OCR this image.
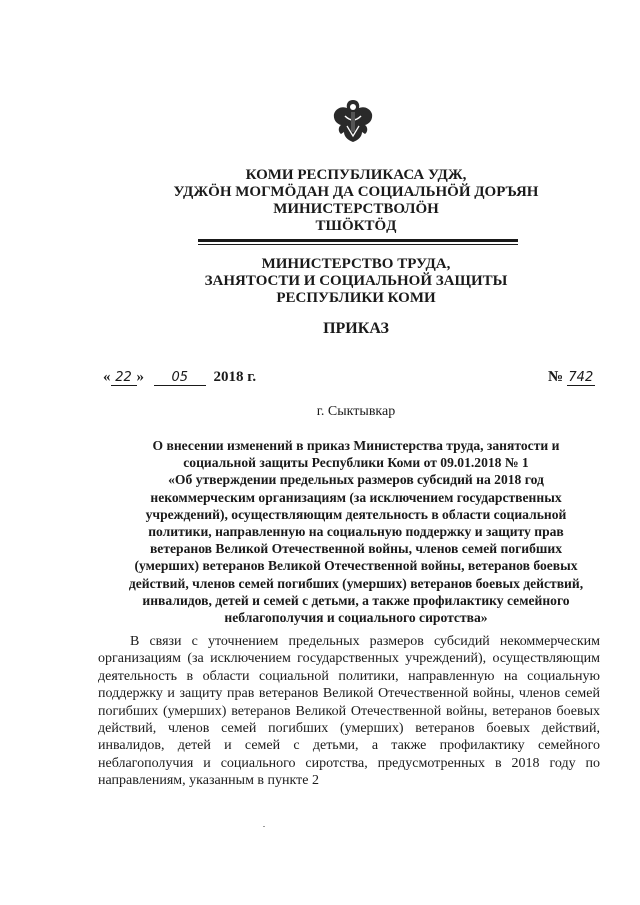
КОМИ РЕСПУБЛИКАСА УДЖ,
УДЖӦН МОГМӦДАН ДА СОЦИАЛЬНӦЙ ДОРЪЯН
МИНИСТЕРСТВОЛӦН
ТШӦКТӦД
МИНИСТЕРСТВО ТРУДА,
ЗАНЯТОСТИ И СОЦИАЛЬНОЙ ЗАЩИТЫ
РЕСПУБЛИКИ КОМИ
ПРИКАЗ
« 22 » 05 2018 г.	№ 742
г. Сыктывкар

О внесении изменений в приказ Министерства труда, занятости и

социальной защиты Республики Коми от 09.01.2018 № 1

«Об утверждении предельных размеров субсидий на 2018 год

некоммерческим организациям (за исключением государственных

учреждений), осуществляющим деятельность в области социальной

политики, направленную на социальную поддержку и защиту прав

ветеранов Великой Отечественной войны, членов семей погибших

(умерших) ветеранов Великой Отечественной войны, ветеранов боевых

действий, членов семей погибших (умерших) ветеранов боевых действий,

инвалидов, детей и семей с детьми, а также профилактику семейного

неблагополучия и социального сиротства»

В связи с уточнением предельных размеров субсидий некоммерческим организациям (за исключением государственных учреждений), осуществляющим деятельность в области социальной политики, направленную на социальную поддержку и защиту прав ветеранов Великой Отечественной войны, членов семей погибших (умерших) ветеранов Великой Отечественной войны, ветеранов боевых действий, членов семей погибших (умерших) ветеранов боевых действий, инвалидов, детей и семей с детьми, а также профилактику семейного неблагополучия и социального сиротства, предусмотренных в 2018 году по направлениям, указанным в пункте 2
